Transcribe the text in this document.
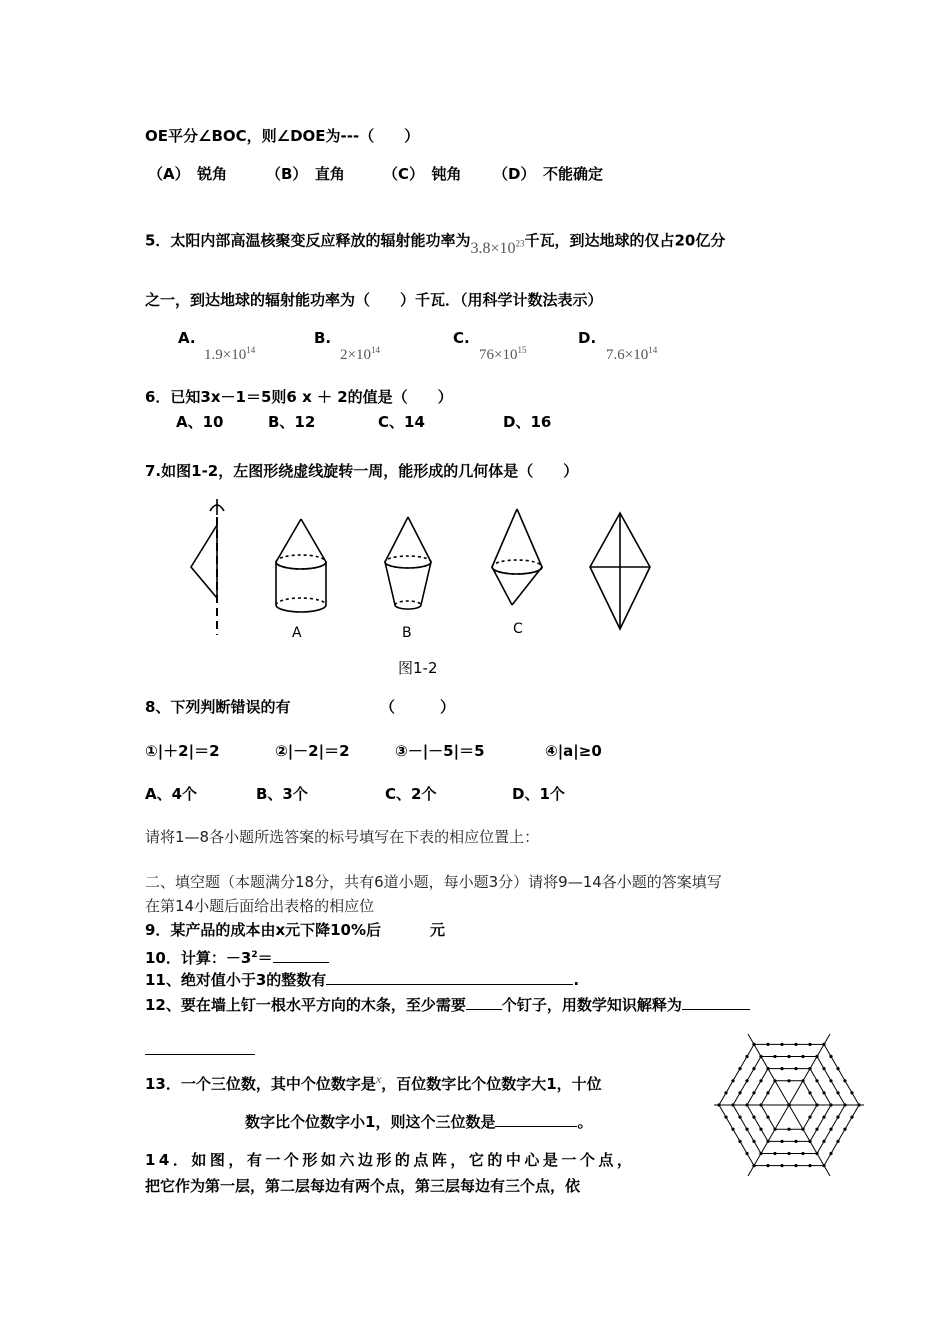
OE平分∠BOC，则∠DOE为---（　　）
（A）　锐角	（B）　直角	（C）　钝角 （D）　不能确定
5．太阳内部高温核聚变反应释放的辐射能功率为$3.8\times 10^{23}$千瓦，到达地球的仅占20亿分
之一，到达地球的辐射能功率为（　　）千瓦．（用科学计数法表示）
A.
$1.9\times 10^{14}$
B.
$2\times 10^{14}$
C.
$76\times 10^{15}$
D.
$7.6\times 10^{14}$
6．已知3x－1＝5则6 x ＋ 2的值是（　　）
A、10	B、12	C、14	D、16
7.如图1-2，左图形绕虚线旋转一周，能形成的几何体是（　　）
A	B	C
图1-2
8、下列判断错误的有	（　　　）
①|＋2|＝2	②|－2|＝2	③－|－5|＝5	④|a|≥0
A、4个	B、3个	C、2个	D、1个
请将1—8各小题所选答案的标号填写在下表的相应位置上：
二、填空题（本题满分18分，共有6道小题，每小题3分）请将9—14各小题的答案填写
在第14小题后面给出表格的相应位
9．某产品的成本由x元下降10%后	元
10．计算：$-3^2=$
11、绝对值小于3的整数有	.
12、要在墙上钉一根水平方向的木条，至少需要 个钉子，用数学知识解释为
13．一个三位数，其中个位数字是$^x$，百位数字比个位数字大1，十位
数字比个位数字小1，则这个三位数是	。
14．如图，有一个形如六边形的点阵，它的中心是一个点，
把它作为第一层，第二层每边有两个点，第三层每边有三个点，依
